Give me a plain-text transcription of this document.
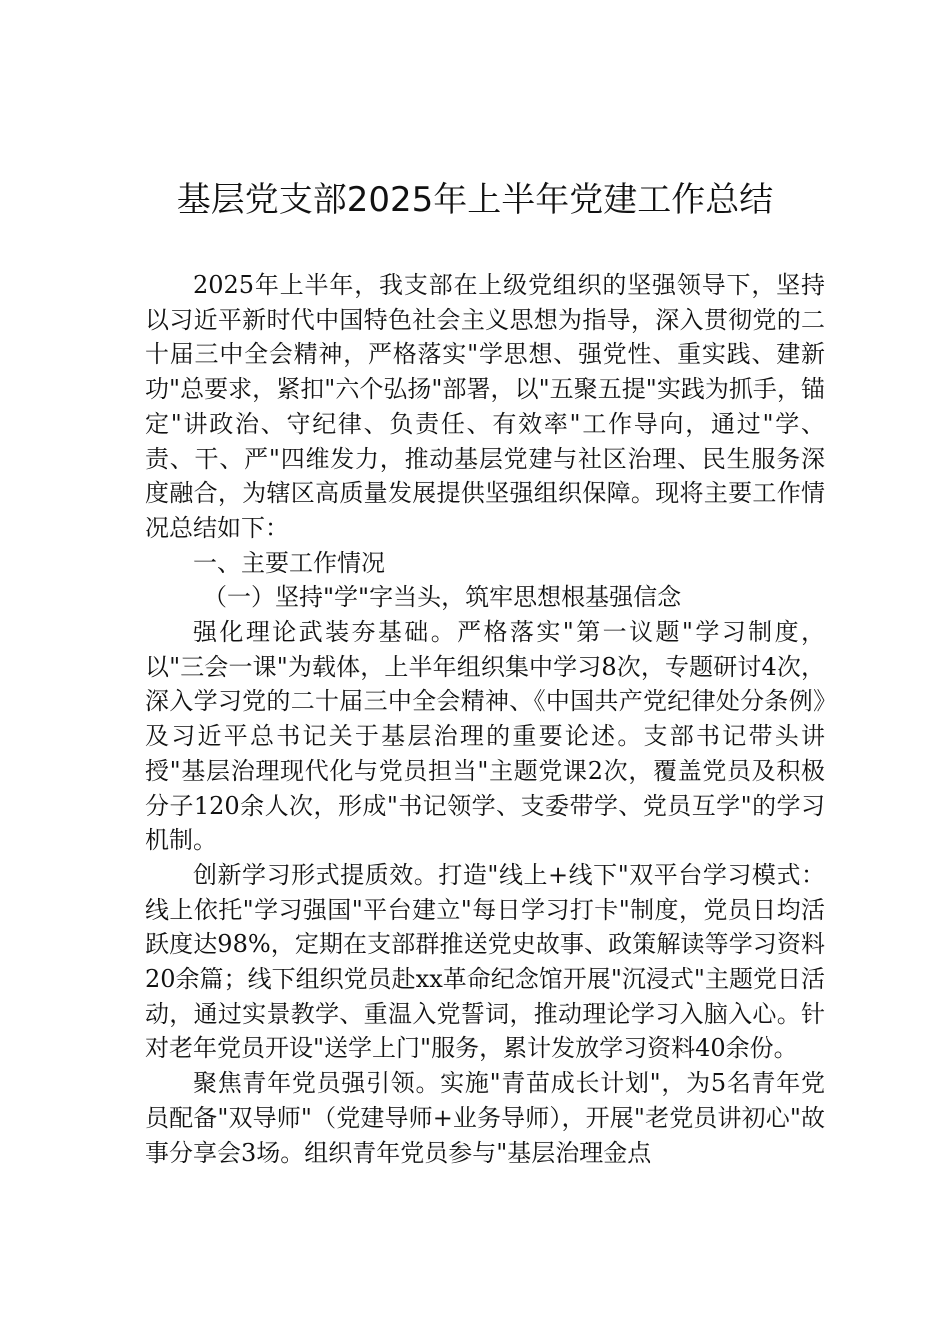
基层党支部2025年上半年党建工作总结

2025年上半年，我支部在上级党组织的坚强领导下，坚持以习近平新时代中国特色社会主义思想为指导，深入贯彻党的二十届三中全会精神，严格落实"学思想、强党性、重实践、建新功"总要求，紧扣"六个弘扬"部署，以"五聚五提"实践为抓手，锚定"讲政治、守纪律、负责任、有效率"工作导向，通过"学、责、干、严"四维发力，推动基层党建与社区治理、民生服务深度融合，为辖区高质量发展提供坚强组织保障。现将主要工作情况总结如下：

一、主要工作情况

（一）坚持"学"字当头，筑牢思想根基强信念

强化理论武装夯基础。严格落实"第一议题"学习制度，以"三会一课"为载体，上半年组织集中学习8次，专题研讨4次，深入学习党的二十届三中全会精神、《中国共产党纪律处分条例》及习近平总书记关于基层治理的重要论述。支部书记带头讲授"基层治理现代化与党员担当"主题党课2次，覆盖党员及积极分子120余人次，形成"书记领学、支委带学、党员互学"的学习机制。

创新学习形式提质效。打造"线上+线下"双平台学习模式：线上依托"学习强国"平台建立"每日学习打卡"制度，党员日均活跃度达98%，定期在支部群推送党史故事、政策解读等学习资料20余篇；线下组织党员赴xx革命纪念馆开展"沉浸式"主题党日活动，通过实景教学、重温入党誓词，推动理论学习入脑入心。针对老年党员开设"送学上门"服务，累计发放学习资料40余份。

聚焦青年党员强引领。实施"青苗成长计划"，为5名青年党员配备"双导师"（党建导师+业务导师），开展"老党员讲初心"故事分享会3场。组织青年党员参与"基层治理金点
